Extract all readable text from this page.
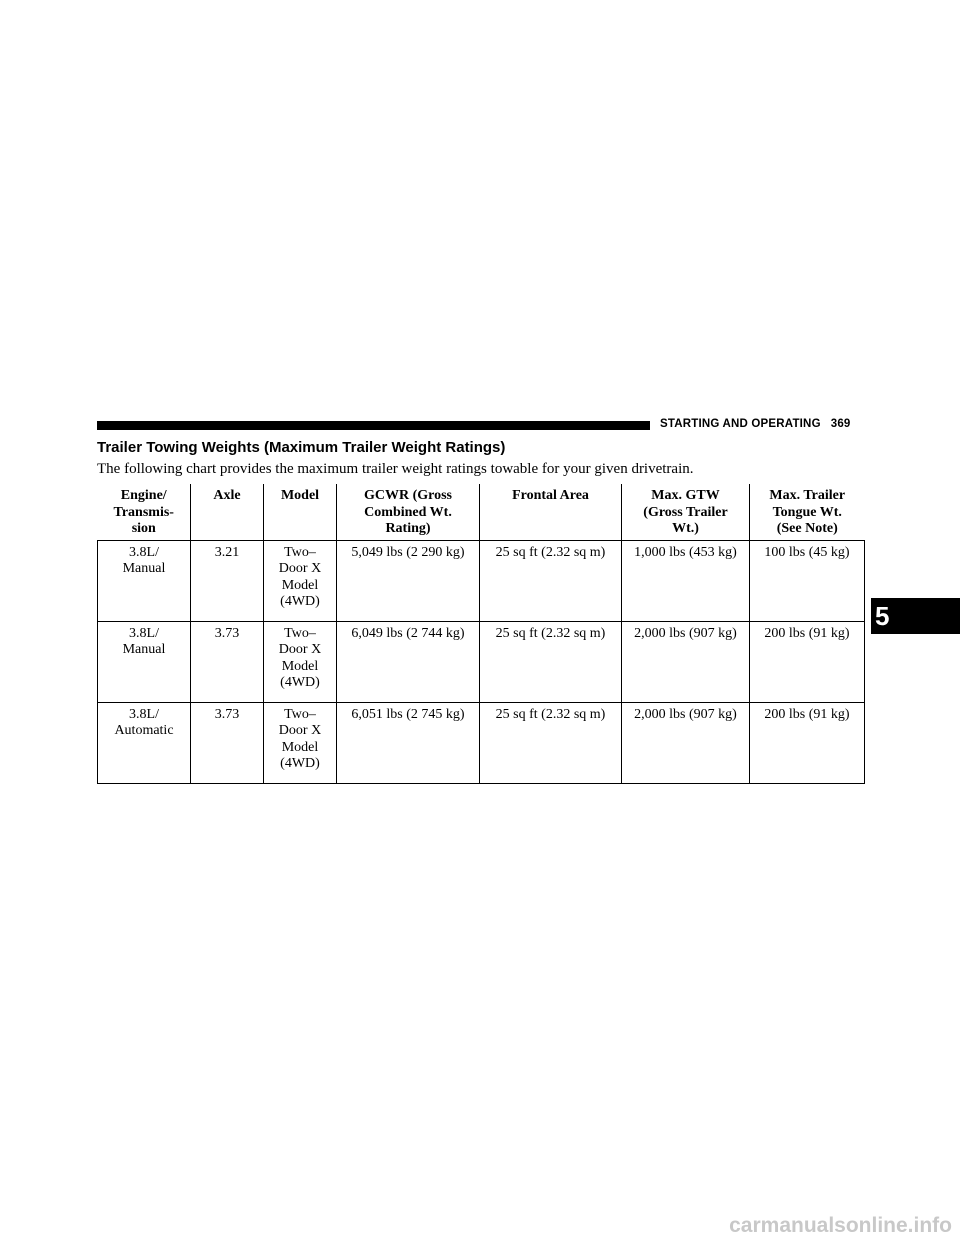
STARTING AND OPERATING 369
Trailer Towing Weights (Maximum Trailer Weight Ratings)

The following chart provides the maximum trailer weight ratings towable for your given drivetrain.

Engine/
Transmis-
sion	Axle	Model	GCWR (Gross
Combined Wt.
Rating)	Frontal Area	Max. GTW
(Gross Trailer
Wt.)	Max. Trailer
Tongue Wt.
(See Note)
3.8L/
Manual	3.21	Two–
Door X
Model
(4WD)	5,049 lbs (2 290 kg)	25 sq ft (2.32 sq m)	1,000 lbs (453 kg)	100 lbs (45 kg)
3.8L/
Manual	3.73	Two–
Door X
Model
(4WD)	6,049 lbs (2 744 kg)	25 sq ft (2.32 sq m)	2,000 lbs (907 kg)	200 lbs (91 kg)
3.8L/
Automatic	3.73	Two–
Door X
Model
(4WD)	6,051 lbs (2 745 kg)	25 sq ft (2.32 sq m)	2,000 lbs (907 kg)	200 lbs (91 kg)
5
carmanualsonline.info
